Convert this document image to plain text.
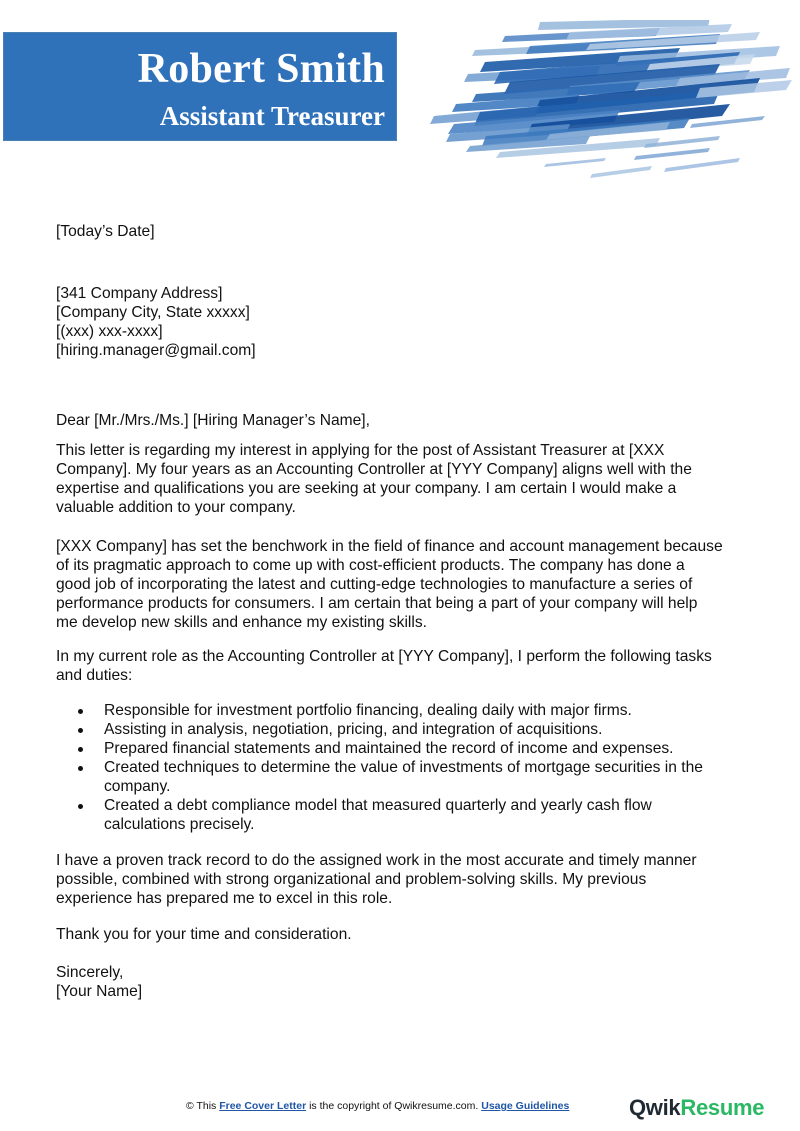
Robert Smith
Assistant Treasurer
[Today’s Date]
[341 Company Address]
[Company City, State xxxxx]
[(xxx) xxx-xxxx]
[hiring.manager@gmail.com]
Dear [Mr./Mrs./Ms.] [Hiring Manager’s Name],
This letter is regarding my interest in applying for the post of Assistant Treasurer at [XXX
Company]. My four years as an Accounting Controller at [YYY Company] aligns well with the
expertise and qualifications you are seeking at your company. I am certain I would make a
valuable addition to your company.
[XXX Company] has set the benchwork in the field of finance and account management because
of its pragmatic approach to come up with cost-efficient products. The company has done a
good job of incorporating the latest and cutting-edge technologies to manufacture a series of
performance products for consumers. I am certain that being a part of your company will help
me develop new skills and enhance my existing skills.
In my current role as the Accounting Controller at [YYY Company], I perform the following tasks
and duties:
Responsible for investment portfolio financing, dealing daily with major firms.
Assisting in analysis, negotiation, pricing, and integration of acquisitions.
Prepared financial statements and maintained the record of income and expenses.
Created techniques to determine the value of investments of mortgage securities in the
company.
Created a debt compliance model that measured quarterly and yearly cash flow
calculations precisely.
I have a proven track record to do the assigned work in the most accurate and timely manner
possible, combined with strong organizational and problem-solving skills. My previous
experience has prepared me to excel in this role.
Thank you for your time and consideration.
Sincerely,
[Your Name]
© This Free Cover Letter is the copyright of Qwikresume.com. Usage Guidelines	QwikResume
